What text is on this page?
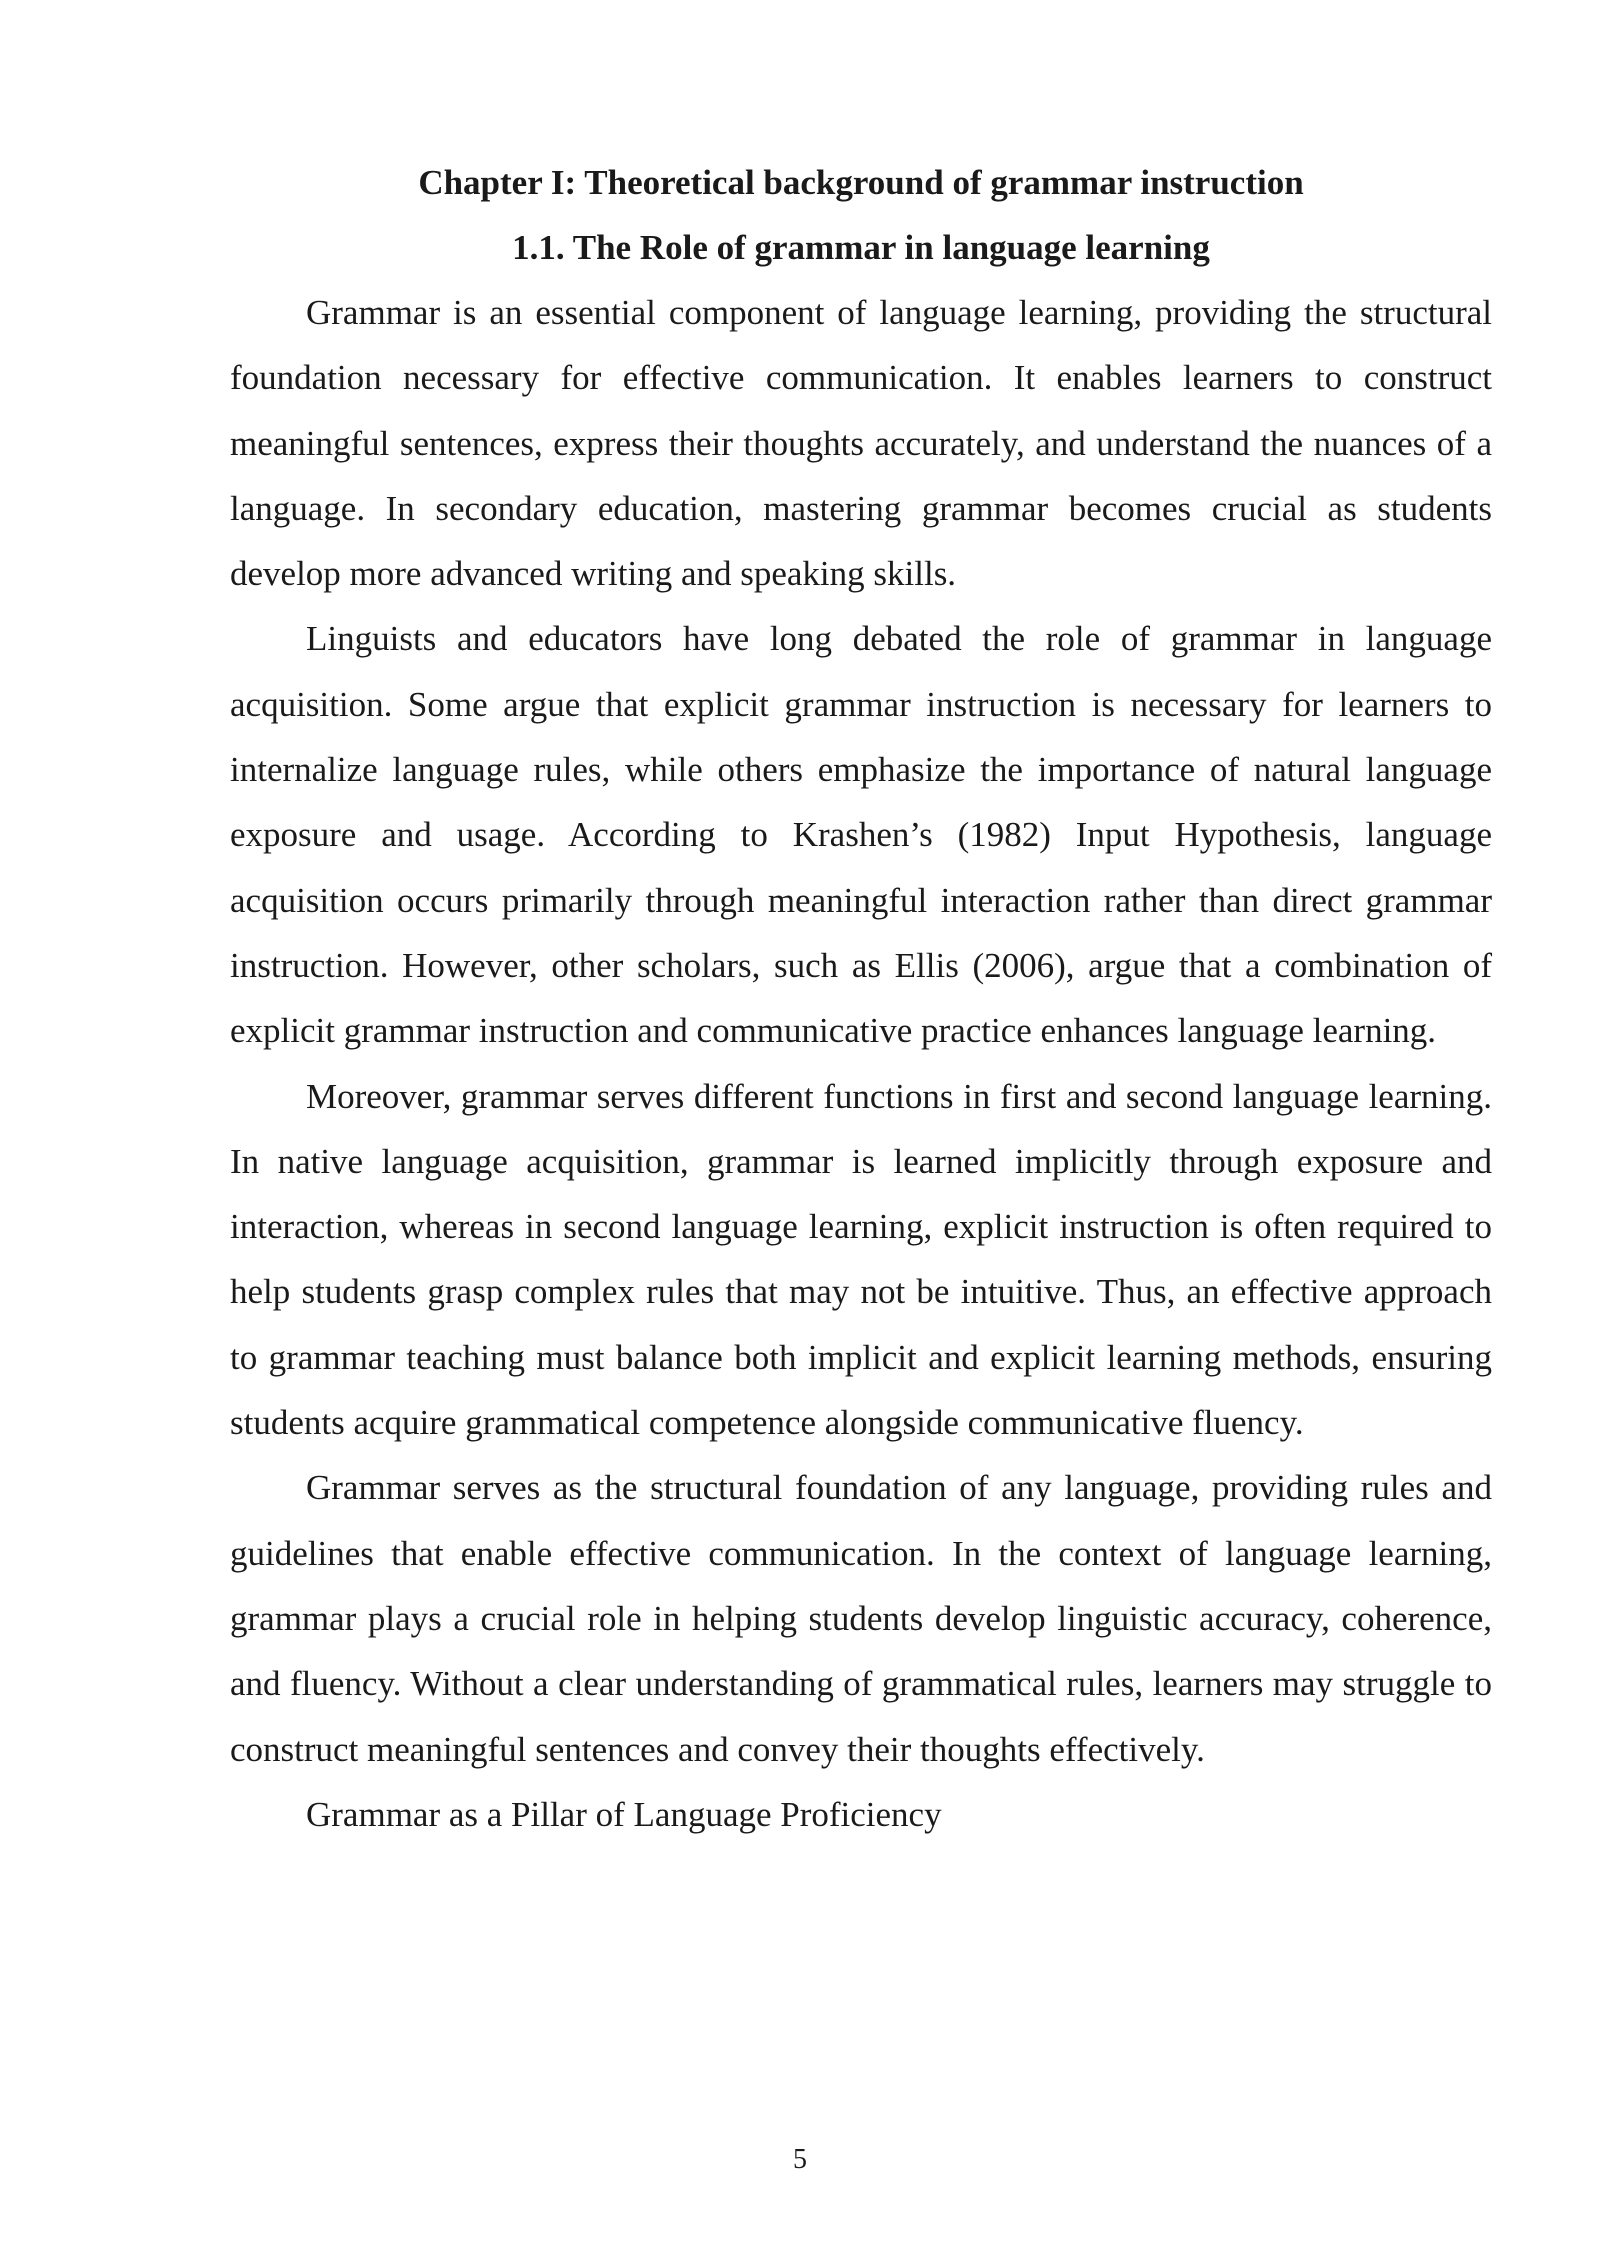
Chapter I: Theoretical background of grammar instruction
1.1. The Role of grammar in language learning

Grammar is an essential component of language learning, providing the structural foundation necessary for effective communication. It enables learners to construct meaningful sentences, express their thoughts accurately, and understand the nuances of a language. In secondary education, mastering grammar becomes crucial as students develop more advanced writing and speaking skills.

Linguists and educators have long debated the role of grammar in language acquisition. Some argue that explicit grammar instruction is necessary for learners to internalize language rules, while others emphasize the importance of natural language exposure and usage. According to Krashen’s (1982) Input Hypothesis, language acquisition occurs primarily through meaningful interaction rather than direct grammar instruction. However, other scholars, such as Ellis (2006), argue that a combination of explicit grammar instruction and communicative practice enhances language learning.

Moreover, grammar serves different functions in first and second language learning. In native language acquisition, grammar is learned implicitly through exposure and interaction, whereas in second language learning, explicit instruction is often required to help students grasp complex rules that may not be intuitive. Thus, an effective approach to grammar teaching must balance both implicit and explicit learning methods, ensuring students acquire grammatical competence alongside communicative fluency.

Grammar serves as the structural foundation of any language, providing rules and guidelines that enable effective communication. In the context of language learning, grammar plays a crucial role in helping students develop linguistic accuracy, coherence, and fluency. Without a clear understanding of grammatical rules, learners may struggle to construct meaningful sentences and convey their thoughts effectively.

Grammar as a Pillar of Language Proficiency

5
